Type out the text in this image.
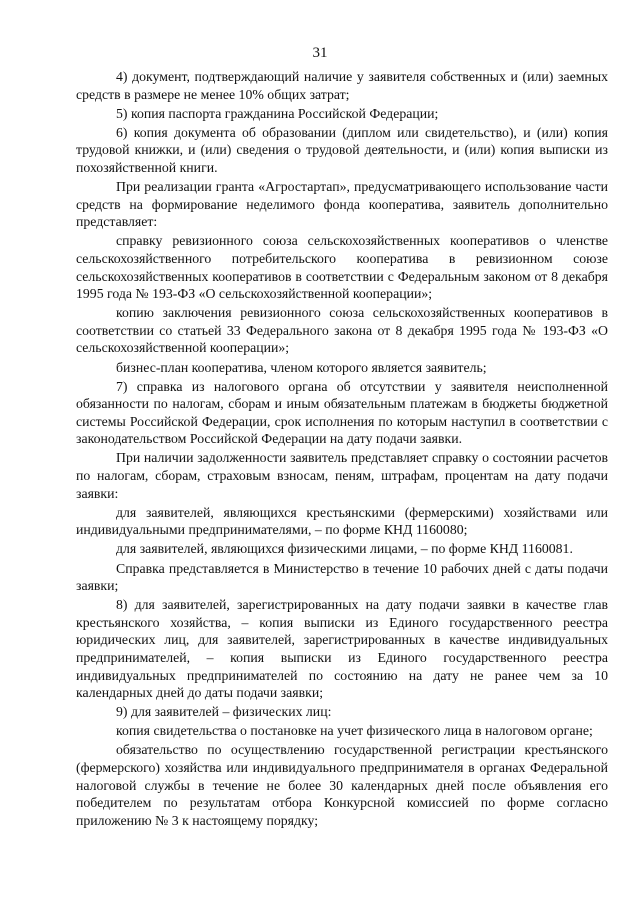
31

4) документ, подтверждающий наличие у заявителя собственных и (или) заемных средств в размере не менее 10% общих затрат;

5) копия паспорта гражданина Российской Федерации;

6) копия документа об образовании (диплом или свидетельство), и (или) копия трудовой книжки, и (или) сведения о трудовой деятельности, и (или) копия выписки из похозяйственной книги.

При реализации гранта «Агростартап», предусматривающего использование части средств на формирование неделимого фонда кооператива, заявитель дополнительно представляет:

справку ревизионного союза сельскохозяйственных кооперативов о членстве сельскохозяйственного потребительского кооператива в ревизионном союзе сельскохозяйственных кооперативов в соответствии с Федеральным законом от 8 декабря 1995 года № 193-ФЗ «О сельскохозяйственной кооперации»;

копию заключения ревизионного союза сельскохозяйственных кооперативов в соответствии со статьей 33 Федерального закона от 8 декабря 1995 года № 193-ФЗ «О сельскохозяйственной кооперации»;

бизнес-план кооператива, членом которого является заявитель;

7) справка из налогового органа об отсутствии у заявителя неисполненной обязанности по налогам, сборам и иным обязательным платежам в бюджеты бюджетной системы Российской Федерации, срок исполнения по которым наступил в соответствии с законодательством Российской Федерации на дату подачи заявки.

При наличии задолженности заявитель представляет справку о состоянии расчетов по налогам, сборам, страховым взносам, пеням, штрафам, процентам на дату подачи заявки:

для заявителей, являющихся крестьянскими (фермерскими) хозяйствами или индивидуальными предпринимателями, – по форме КНД 1160080;

для заявителей, являющихся физическими лицами, – по форме КНД 1160081.

Справка представляется в Министерство в течение 10 рабочих дней с даты подачи заявки;

8) для заявителей, зарегистрированных на дату подачи заявки в качестве глав крестьянского хозяйства, – копия выписки из Единого государственного реестра юридических лиц, для заявителей, зарегистрированных в качестве индивидуальных предпринимателей, – копия выписки из Единого государственного реестра индивидуальных предпринимателей по состоянию на дату не ранее чем за 10 календарных дней до даты подачи заявки;

9) для заявителей – физических лиц:

копия свидетельства о постановке на учет физического лица в налоговом органе;

обязательство по осуществлению государственной регистрации крестьянского (фермерского) хозяйства или индивидуального предпринимателя в органах Федеральной налоговой службы в течение не более 30 календарных дней после объявления его победителем по результатам отбора Конкурсной комиссией по форме согласно приложению № 3 к настоящему порядку;
